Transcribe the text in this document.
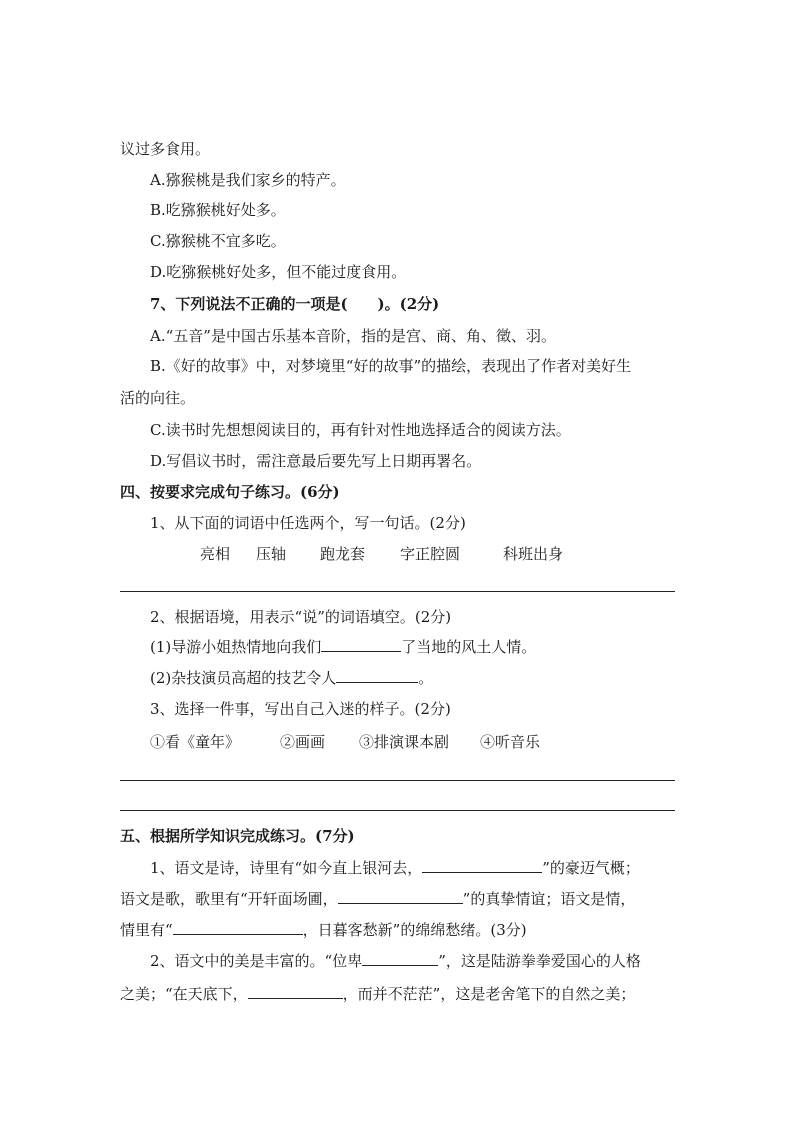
议过多食用。
A.猕猴桃是我们家乡的特产。
B.吃猕猴桃好处多。
C.猕猴桃不宜多吃。
D.吃猕猴桃好处多，但不能过度食用。
7、下列说法不正确的一项是(　　)。(2分)
A.“五音”是中国古乐基本音阶，指的是宫、商、角、徵、羽。
B.《好的故事》中，对梦境里“好的故事”的描绘，表现出了作者对美好生
活的向往。
C.读书时先想想阅读目的，再有针对性地选择适合的阅读方法。
D.写倡议书时，需注意最后要先写上日期再署名。
四、按要求完成句子练习。(6分)
1、从下面的词语中任选两个，写一句话。(2分)
亮相 压轴 跑龙套 字正腔圆	科班出身
2、根据语境，用表示“说”的词语填空。(2分)
(1)导游小姐热情地向我们	了当地的风土人情。
(2)杂技演员高超的技艺令人	。
3、选择一件事，写出自己入迷的样子。(2分)
①看《童年》	②画画 ③排演课本剧 ④听音乐
五、根据所学知识完成练习。(7分)
1、语文是诗，诗里有“如今直上银河去，	”的豪迈气概；
语文是歌，歌里有“开轩面场圃，	”的真挚情谊；语文是情，
情里有“	，日暮客愁新”的绵绵愁绪。(3分)
2、语文中的美是丰富的。“位卑	”，这是陆游拳拳爱国心的人格
之美；“在天底下，	，而并不茫茫”，这是老舍笔下的自然之美；
